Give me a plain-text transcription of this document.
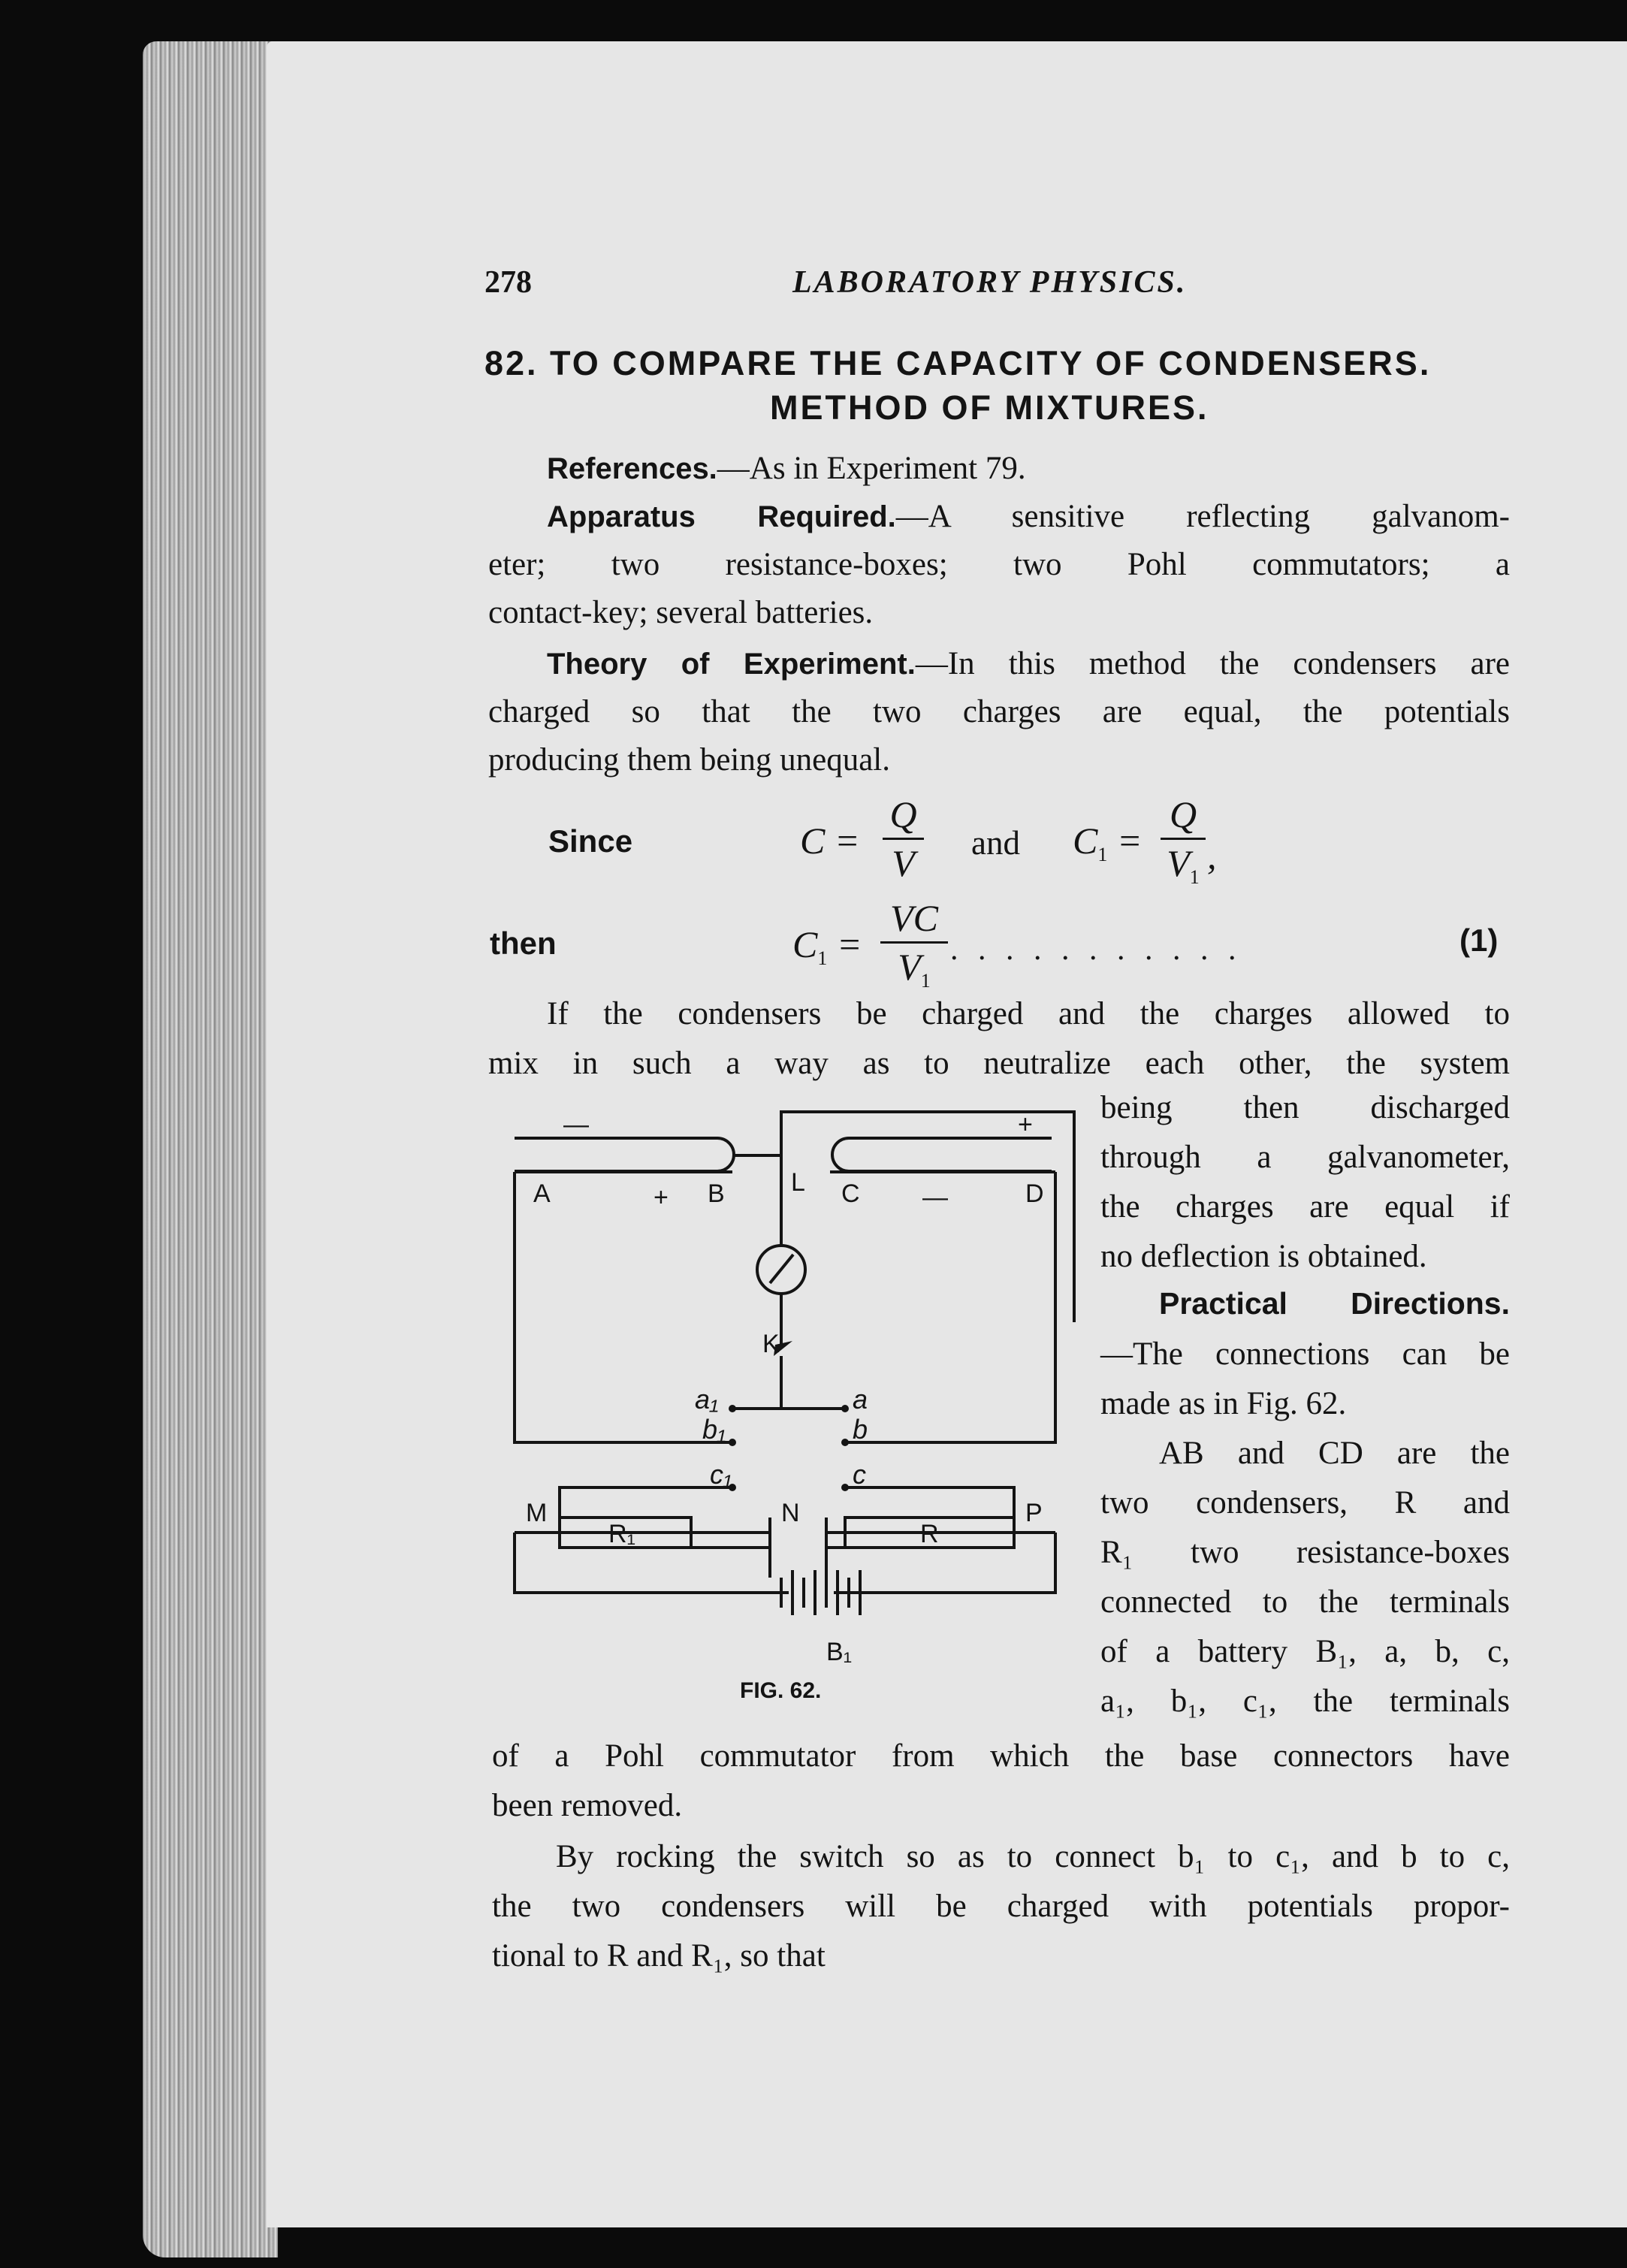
278	LABORATORY PHYSICS.
82. TO COMPARE THE CAPACITY OF CONDENSERS.
METHOD OF MIXTURES.
References.—As in Experiment 79.
Apparatus Required.—A sensitive reflecting galvanom-
eter; two resistance-boxes; two Pohl commutators; a
contact-key; several batteries.
Theory of Experiment.—In this method the condensers are
charged so that the two charges are equal, the potentials
producing them being unequal.
Since	C =
Q
V and $C_1$ =
Q
$V_1$
,
then	$C_1$ =
VC
$V_1$
. . . . . . . . . . .	(1)
If the condensers be charged and the charges allowed to
mix in such a way as to neutralize each other, the system
being then discharged
through a galvanometer,
the charges are equal if
no deflection is obtained.
Practical Directions.
—The connections can be
made as in Fig. 62.
AB and CD are the
two condensers, R and
R₁ two resistance-boxes
connected to the terminals
of a battery B₁, a, b, c,
a₁, b₁, c₁, the terminals
—	+
+	—
A	B	L C	D
K
M	N	P
B₁
R₁	R
a₁	a
b₁	b
c₁	c
FIG. 62.
of a Pohl commutator from which the base connectors have
been removed.
By rocking the switch so as to connect b₁ to c₁, and b to c,
the two condensers will be charged with potentials propor-
tional to R and R₁, so that
